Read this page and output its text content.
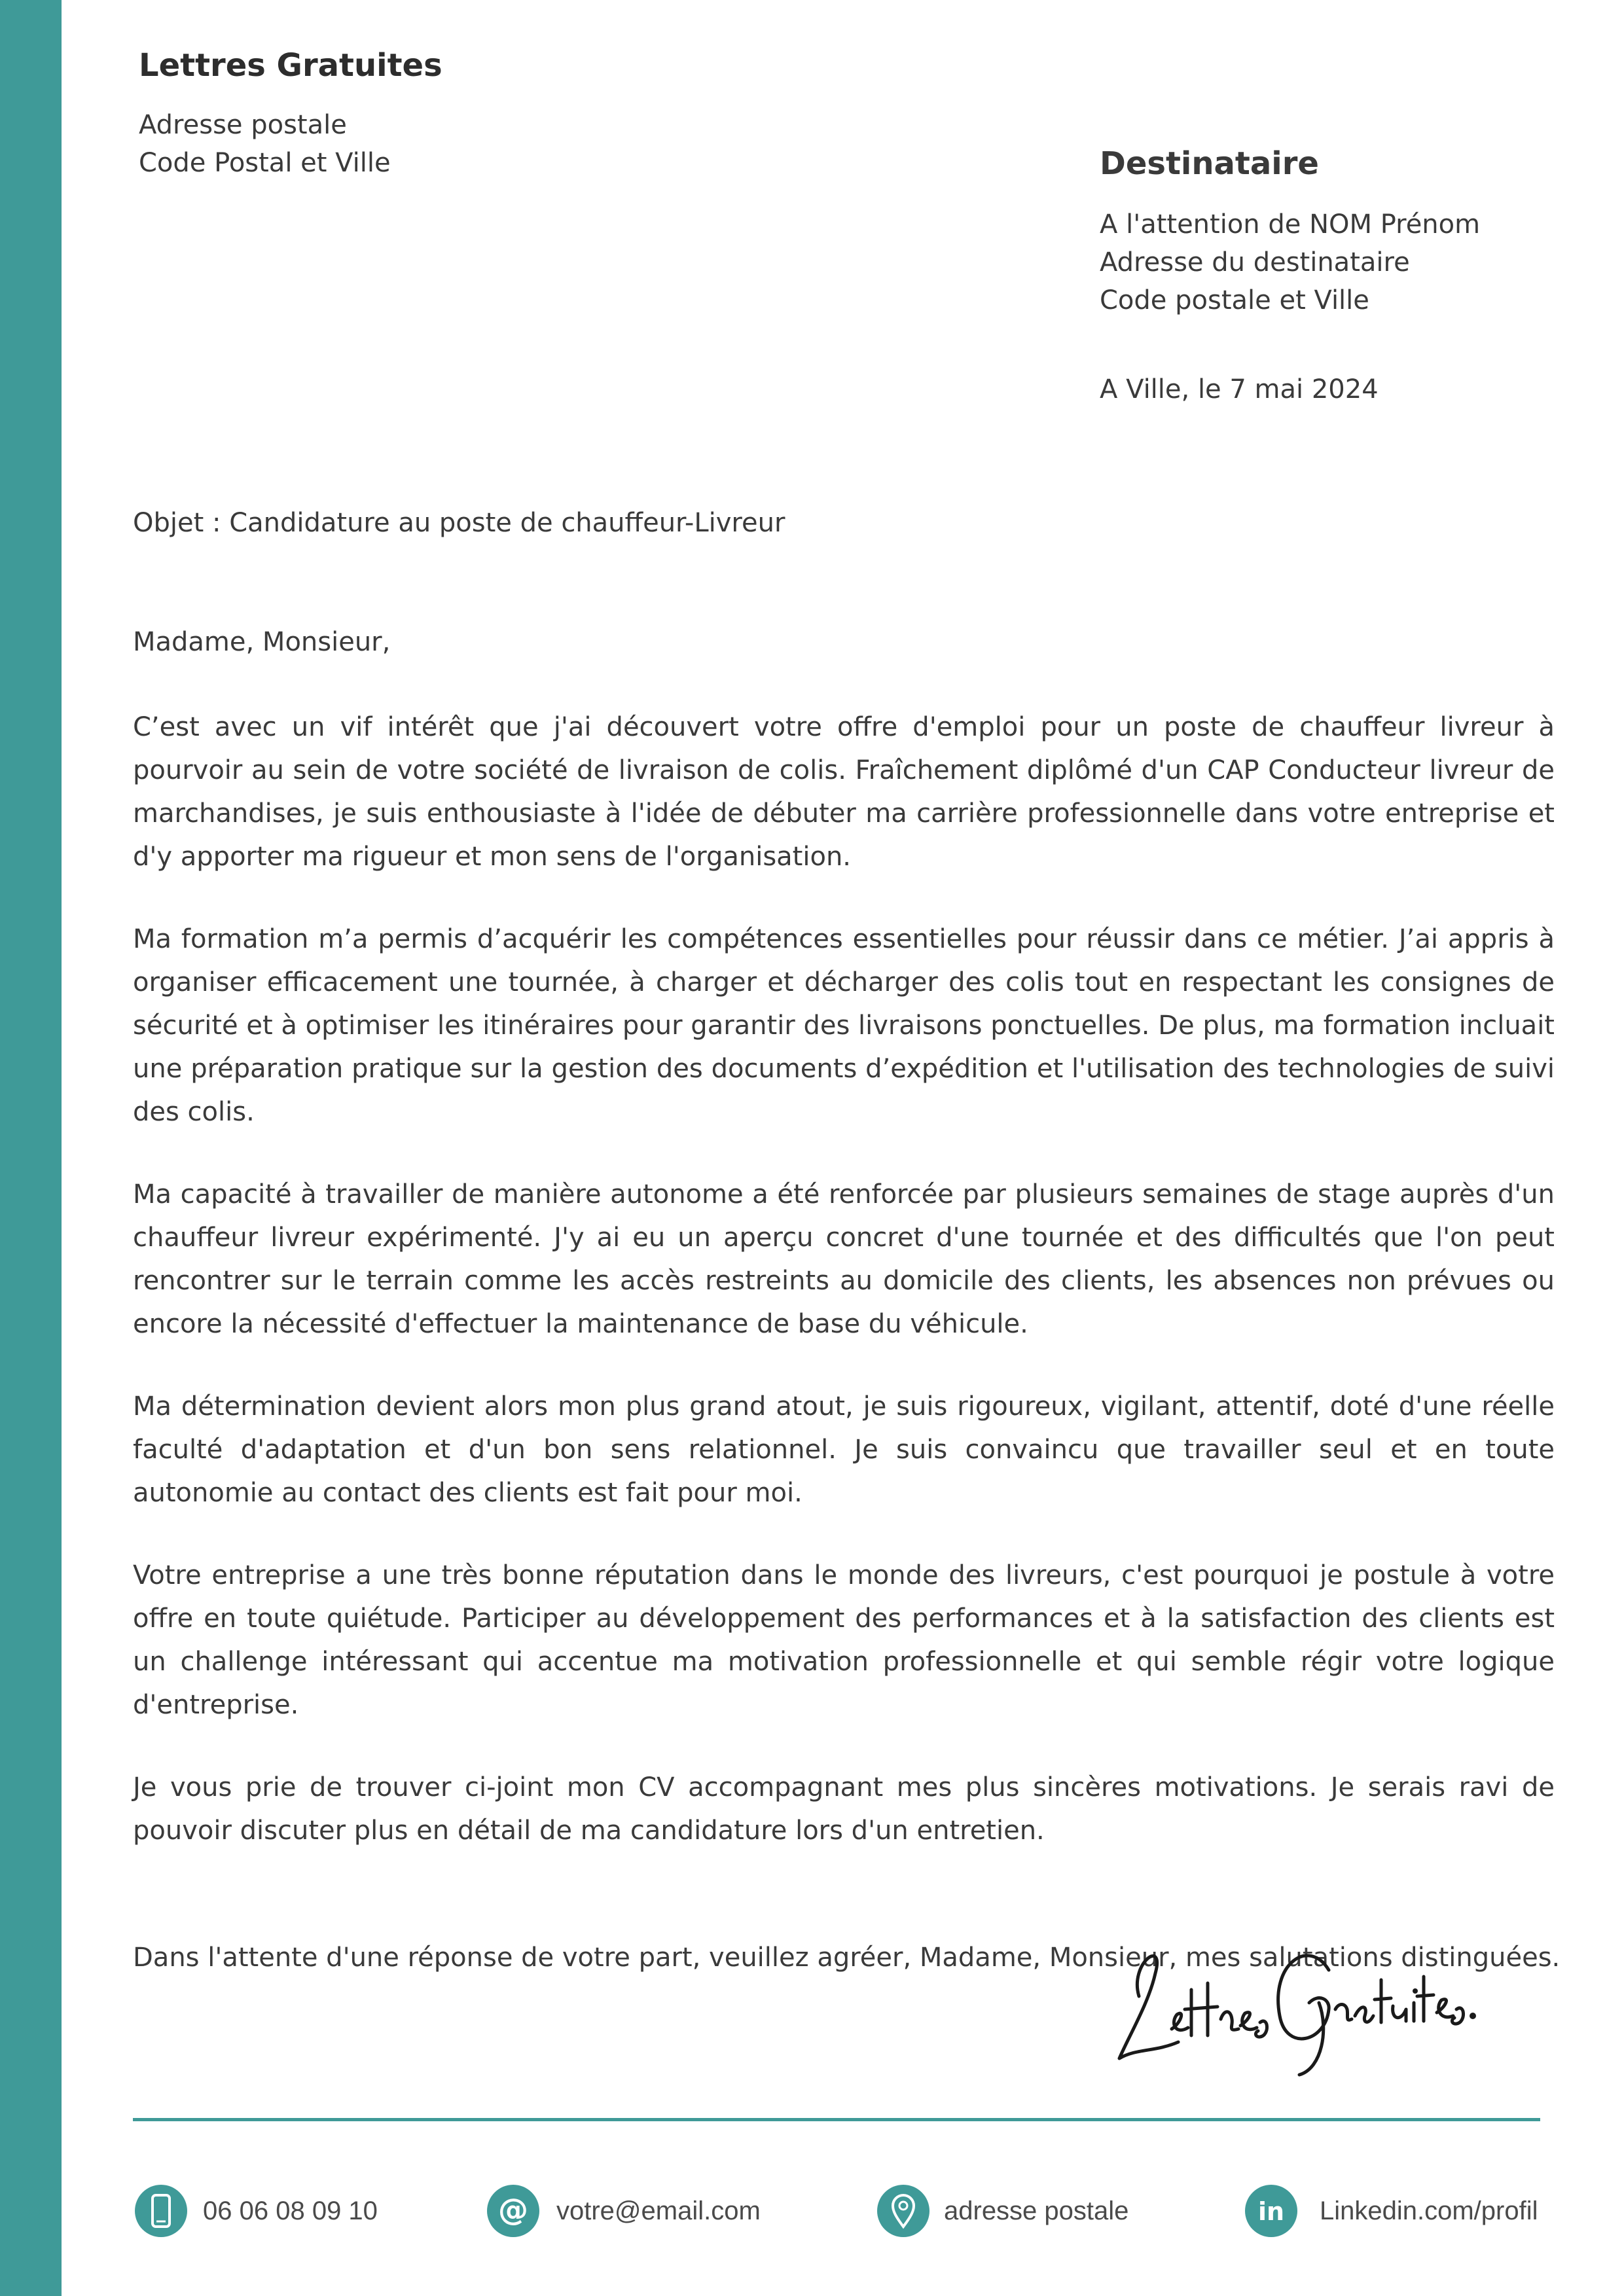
Lettres Gratuites
Adresse postale
Code Postal et Ville	Destinataire
A l'attention de NOM Prénom
Adresse du destinataire
Code postale et Ville
A Ville, le 7 mai 2024
Objet : Candidature au poste de chauffeur-Livreur
Madame, Monsieur,

C’est avec un vif intérêt que j'ai découvert votre offre d'emploi pour un poste de chauffeur livreur à pourvoir au sein de votre société de livraison de colis. Fraîchement diplômé d'un CAP Conducteur livreur de marchandises, je suis enthousiaste à l'idée de débuter ma carrière professionnelle dans votre entreprise et d'y apporter ma rigueur et mon sens de l'organisation.

Ma formation m’a permis d’acquérir les compétences essentielles pour réussir dans ce métier. J’ai appris à organiser efficacement une tournée, à charger et décharger des colis tout en respectant les consignes de sécurité et à optimiser les itinéraires pour garantir des livraisons ponctuelles. De plus, ma formation incluait une préparation pratique sur la gestion des documents d’expédition et l'utilisation des technologies de suivi des colis.

Ma capacité à travailler de manière autonome a été renforcée par plusieurs semaines de stage auprès d'un chauffeur livreur expérimenté. J'y ai eu un aperçu concret d'une tournée et des difficultés que l'on peut rencontrer sur le terrain comme les accès restreints au domicile des clients, les absences non prévues ou encore la nécessité d'effectuer la maintenance de base du véhicule.

Ma détermination devient alors mon plus grand atout, je suis rigoureux, vigilant, attentif, doté d'une réelle faculté d'adaptation et d'un bon sens relationnel. Je suis convaincu que travailler seul et en toute autonomie au contact des clients est fait pour moi.

Votre entreprise a une très bonne réputation dans le monde des livreurs, c'est pourquoi je postule à votre offre en toute quiétude. Participer au développement des performances et à la satisfaction des clients est un challenge intéressant qui accentue ma motivation professionnelle et qui semble régir votre logique d'entreprise.

Je vous prie de trouver ci-joint mon CV accompagnant mes plus sincères motivations. Je serais ravi de pouvoir discuter plus en détail de ma candidature lors d'un entretien.

Dans l'attente d'une réponse de votre part, veuillez agréer, Madame, Monsieur, mes salutations distinguées.
06 06 08 09 10	@ votre@email.com	adresse postale	in Linkedin.com/profil
